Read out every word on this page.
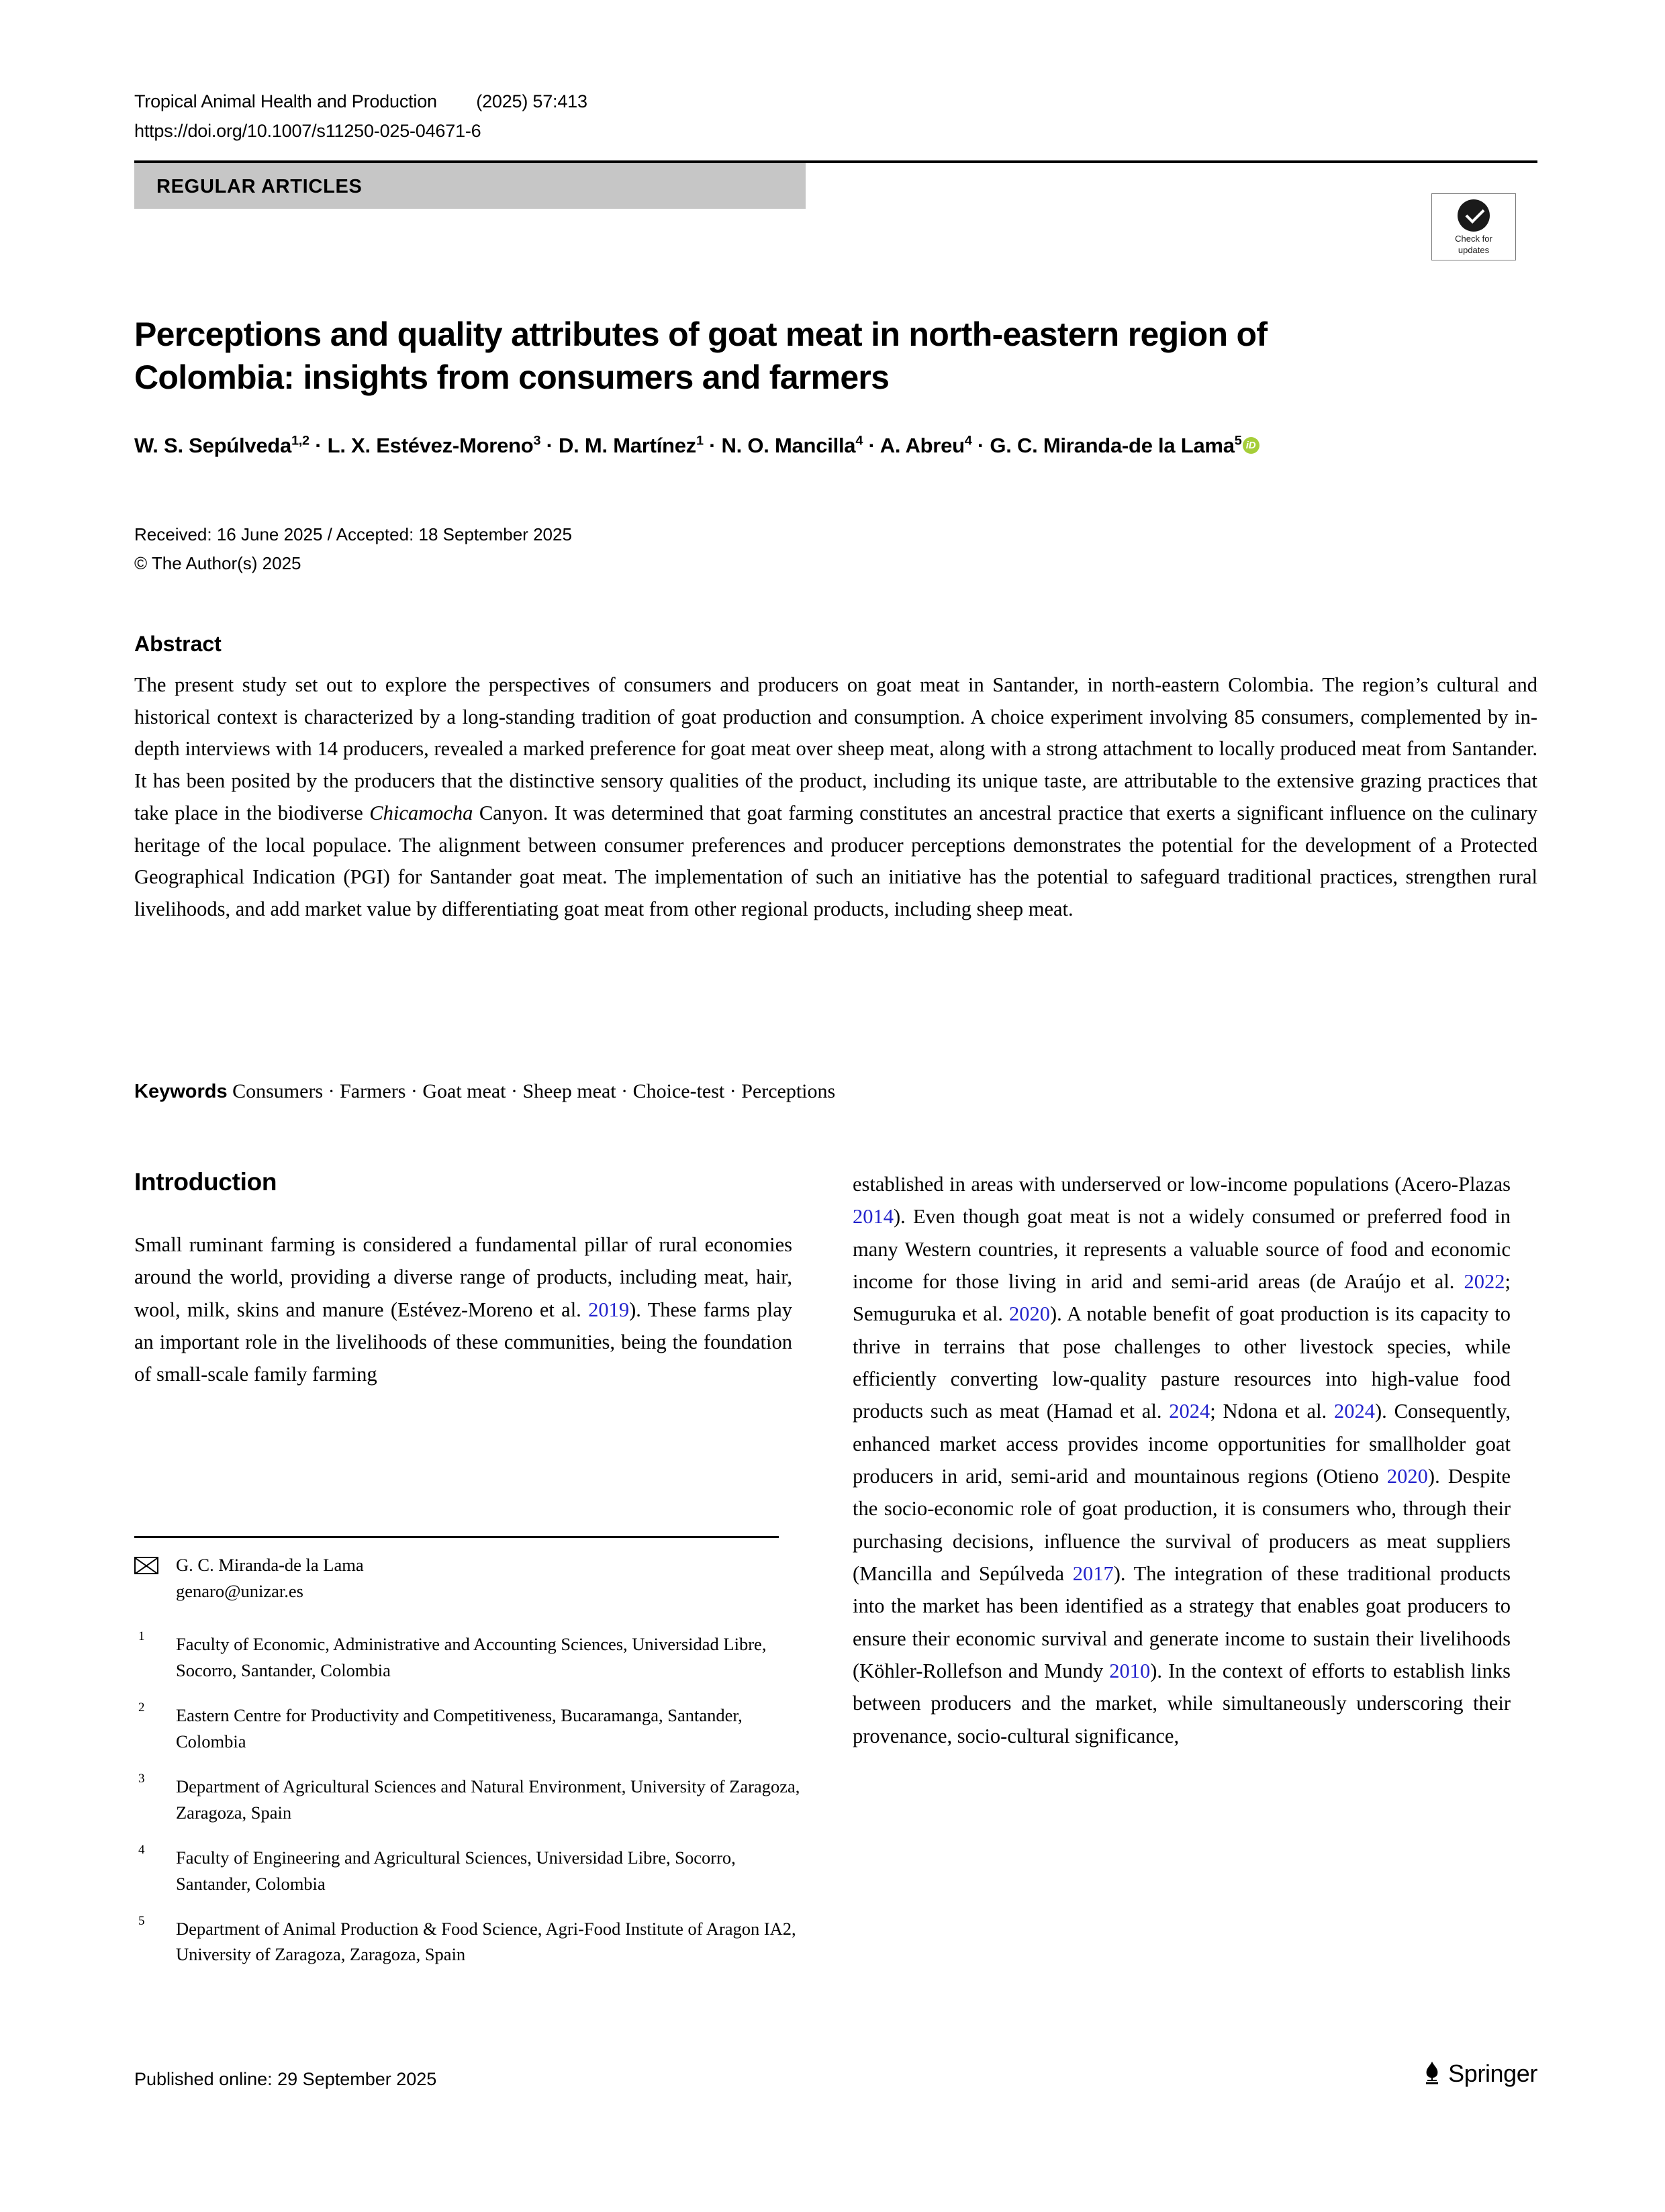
Tropical Animal Health and Production (2025) 57:413
https://doi.org/10.1007/s11250-025-04671-6
REGULAR ARTICLES
Check for
updates
Perceptions and quality attributes of goat meat in north-eastern region of Colombia: insights from consumers and farmers
W. S. Sepúlveda$^{1,2}$ · L. X. Estévez-Moreno$^3$ · D. M. Martínez$^1$ · N. O. Mancilla$^4$ · A. Abreu$^4$ · G. C. Miranda-de la Lama$^5$ iD
Received: 16 June 2025 / Accepted: 18 September 2025
© The Author(s) 2025
Abstract
The present study set out to explore the perspectives of consumers and producers on goat meat in Santander, in north-eastern Colombia. The region’s cultural and historical context is characterized by a long-standing tradition of goat production and consumption. A choice experiment involving 85 consumers, complemented by in-depth interviews with 14 producers, revealed a marked preference for goat meat over sheep meat, along with a strong attachment to locally produced meat from Santander. It has been posited by the producers that the distinctive sensory qualities of the product, including its unique taste, are attributable to the extensive grazing practices that take place in the biodiverse Chicamocha Canyon. It was determined that goat farming constitutes an ancestral practice that exerts a significant influence on the culinary heritage of the local populace. The alignment between consumer preferences and producer perceptions demonstrates the potential for the development of a Protected Geographical Indication (PGI) for Santander goat meat. The implementation of such an initiative has the potential to safeguard traditional practices, strengthen rural livelihoods, and add market value by differentiating goat meat from other regional products, including sheep meat.
Keywords Consumers · Farmers · Goat meat · Sheep meat · Choice-test · Perceptions
Introduction

Small ruminant farming is considered a fundamental pillar of rural economies around the world, providing a diverse range of products, including meat, hair, wool, milk, skins and manure (Estévez-Moreno et al. 2019). These farms play an important role in the livelihoods of these communities, being the foundation of small-scale family farming

established in areas with underserved or low-income populations (Acero-Plazas 2014). Even though goat meat is not a widely consumed or preferred food in many Western countries, it represents a valuable source of food and economic income for those living in arid and semi-arid areas (de Araújo et al. 2022; Semuguruka et al. 2020). A notable benefit of goat production is its capacity to thrive in terrains that pose challenges to other livestock species, while efficiently converting low-quality pasture resources into high-value food products such as meat (Hamad et al. 2024; Ndona et al. 2024). Consequently, enhanced market access provides income opportunities for smallholder goat producers in arid, semi-arid and mountainous regions (Otieno 2020). Despite the socio-economic role of goat production, it is consumers who, through their purchasing decisions, influence the survival of producers as meat suppliers (Mancilla and Sepúlveda 2017). The integration of these traditional products into the market has been identified as a strategy that enables goat producers to ensure their economic survival and generate income to sustain their livelihoods (Köhler-Rollefson and Mundy 2010). In the context of efforts to establish links between producers and the market, while simultaneously underscoring their provenance, socio-cultural significance,

G. C. Miranda-de la Lama
genaro@unizar.es
1 Faculty of Economic, Administrative and Accounting Sciences, Universidad Libre, Socorro, Santander, Colombia
2 Eastern Centre for Productivity and Competitiveness, Bucaramanga, Santander, Colombia
3 Department of Agricultural Sciences and Natural Environment, University of Zaragoza, Zaragoza, Spain
4 Faculty of Engineering and Agricultural Sciences, Universidad Libre, Socorro, Santander, Colombia
5 Department of Animal Production & Food Science, Agri-Food Institute of Aragon IA2, University of Zaragoza, Zaragoza, Spain
Published online: 29 September 2025	Springer
